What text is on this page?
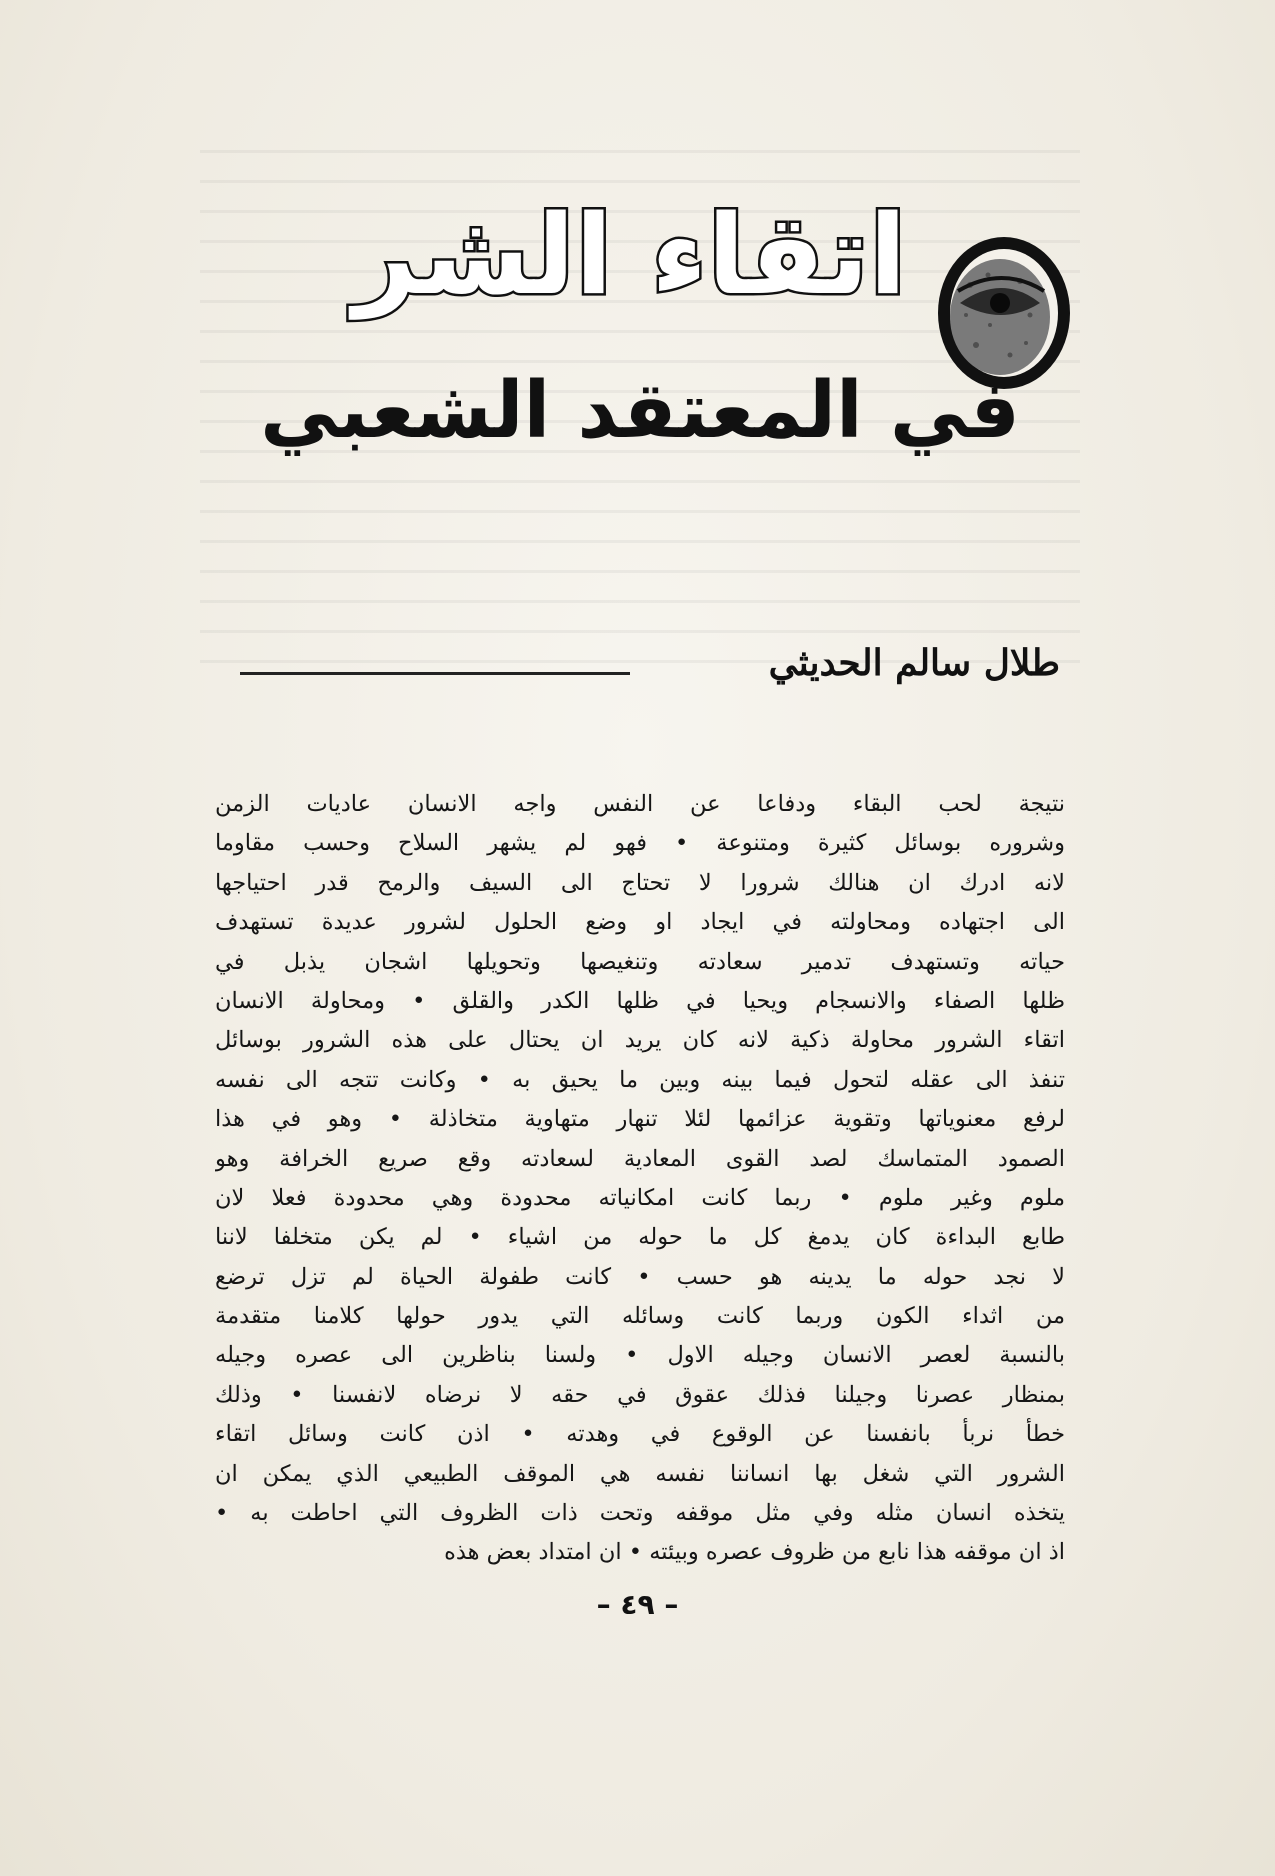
اتقاء الشر
في المعتقد الشعبي
طلال سالم الحديثي
نتيجة لحب البقاء ودفاعا عن النفس واجه الانسان عاديات الزمن
وشروره بوسائل كثيرة ومتنوعة • فهو لم يشهر السلاح وحسب مقاوما
لانه ادرك ان هنالك شرورا لا تحتاج الى السيف والرمح قدر احتياجها
الى اجتهاده ومحاولته في ايجاد او وضع الحلول لشرور عديدة تستهدف
حياته وتستهدف تدمير سعادته وتنغيصها وتحويلها اشجان يذبل في
ظلها الصفاء والانسجام ويحيا في ظلها الكدر والقلق • ومحاولة الانسان
اتقاء الشرور محاولة ذكية لانه كان يريد ان يحتال على هذه الشرور بوسائل
تنفذ الى عقله لتحول فيما بينه وبين ما يحيق به • وكانت تتجه الى نفسه
لرفع معنوياتها وتقوية عزائمها لئلا تنهار متهاوية متخاذلة • وهو في هذا
الصمود المتماسك لصد القوى المعادية لسعادته وقع صريع الخرافة وهو
ملوم وغير ملوم • ربما كانت امكانياته محدودة وهي محدودة فعلا لان
طابع البداءة كان يدمغ كل ما حوله من اشياء • لم يكن متخلفا لاننا
لا نجد حوله ما يدينه هو حسب • كانت طفولة الحياة لم تزل ترضع
من اثداء الكون وربما كانت وسائله التي يدور حولها كلامنا متقدمة
بالنسبة لعصر الانسان وجيله الاول • ولسنا بناظرين الى عصره وجيله
بمنظار عصرنا وجيلنا فذلك عقوق في حقه لا نرضاه لانفسنا • وذلك
خطأ نربأ بانفسنا عن الوقوع في وهدته • اذن كانت وسائل اتقاء
الشرور التي شغل بها انساننا نفسه هي الموقف الطبيعي الذي يمكن ان
يتخذه انسان مثله وفي مثل موقفه وتحت ذات الظروف التي احاطت به •
اذ ان موقفه هذا نابع من ظروف عصره وبيئته • ان امتداد بعض هذه
– ٤٩ –
